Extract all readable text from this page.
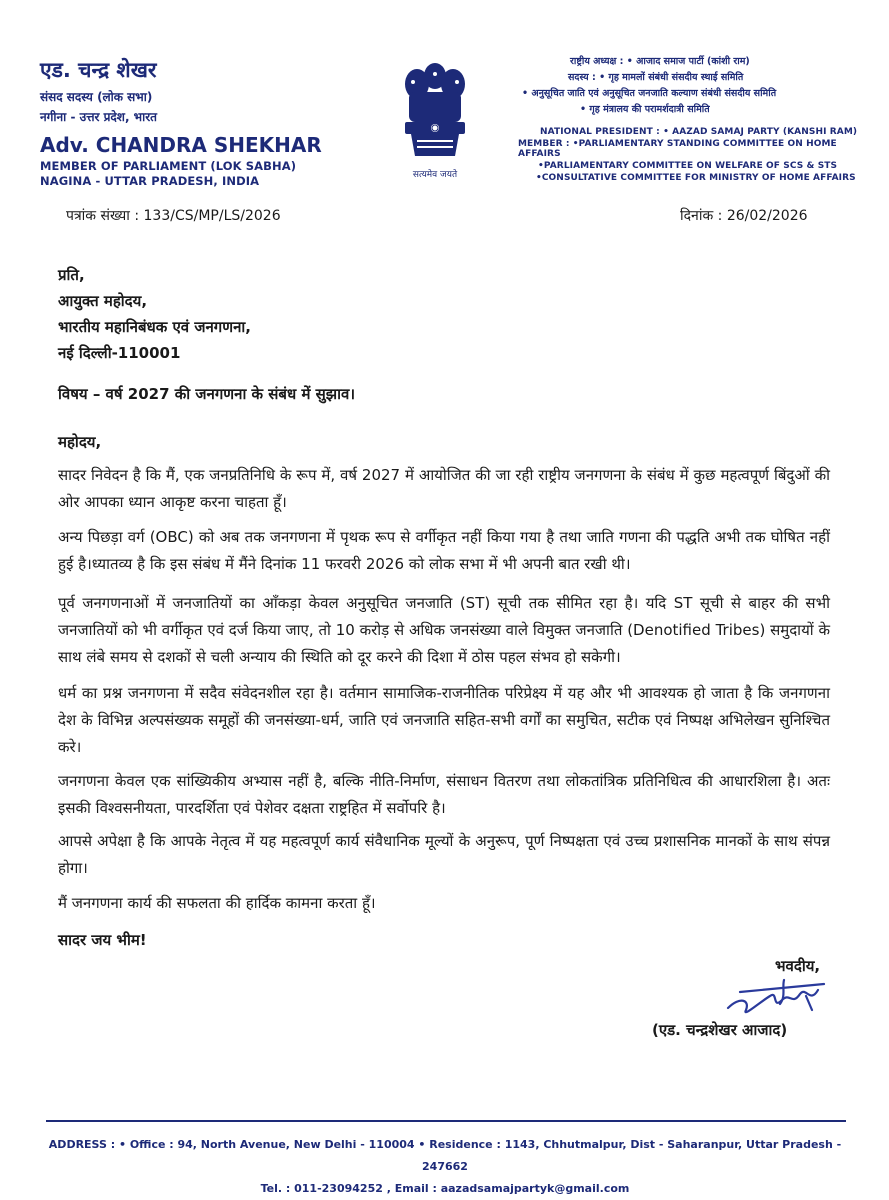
एड. चन्द्र शेखर
संसद सदस्य (लोक सभा)
नगीना - उत्तर प्रदेश, भारत
Adv. CHANDRA SHEKHAR
MEMBER OF PARLIAMENT (LOK SABHA)
NAGINA - UTTAR PRADESH, INDIA	सत्यमेव जयते
राष्ट्रीय अध्यक्ष : • आजाद समाज पार्टी (कांशी राम)
सदस्य : • गृह मामलों संबंधी संसदीय स्थाई समिति
• अनुसूचित जाति एवं अनुसूचित जनजाति कल्याण संबंधी संसदीय समिति
• गृह मंत्रालय की परामर्शदात्री समिति
NATIONAL PRESIDENT : • AAZAD SAMAJ PARTY (KANSHI RAM)
MEMBER : •PARLIAMENTARY STANDING COMMITTEE ON HOME AFFAIRS
•PARLIAMENTARY COMMITTEE ON WELFARE OF SCS & STS
•CONSULTATIVE COMMITTEE FOR MINISTRY OF HOME AFFAIRS
पत्रांक संख्या : 133/CS/MP/LS/2026	दिनांक : 26/02/2026
प्रति,
आयुक्त महोदय,
भारतीय महानिबंधक एवं जनगणना,
नई दिल्ली-110001
विषय – वर्ष 2027 की जनगणना के संबंध में सुझाव।
महोदय,
सादर निवेदन है कि मैं, एक जनप्रतिनिधि के रूप में, वर्ष 2027 में आयोजित की जा रही राष्ट्रीय जनगणना के संबंध में कुछ महत्वपूर्ण बिंदुओं की ओर आपका ध्यान आकृष्ट करना चाहता हूँ।
अन्य पिछड़ा वर्ग (OBC) को अब तक जनगणना में पृथक रूप से वर्गीकृत नहीं किया गया है तथा जाति गणना की पद्धति अभी तक घोषित नहीं हुई है।ध्यातव्य है कि इस संबंध में मैंने दिनांक 11 फरवरी 2026 को लोक सभा में भी अपनी बात रखी थी।
पूर्व जनगणनाओं में जनजातियों का आँकड़ा केवल अनुसूचित जनजाति (ST) सूची तक सीमित रहा है। यदि ST सूची से बाहर की सभी जनजातियों को भी वर्गीकृत एवं दर्ज किया जाए, तो 10 करोड़ से अधिक जनसंख्या वाले विमुक्त जनजाति (Denotified Tribes) समुदायों के साथ लंबे समय से दशकों से चली अन्याय की स्थिति को दूर करने की दिशा में ठोस पहल संभव हो सकेगी।
धर्म का प्रश्न जनगणना में सदैव संवेदनशील रहा है। वर्तमान सामाजिक-राजनीतिक परिप्रेक्ष्य में यह और भी आवश्यक हो जाता है कि जनगणना देश के विभिन्न अल्पसंख्यक समूहों की जनसंख्या-धर्म, जाति एवं जनजाति सहित-सभी वर्गों का समुचित, सटीक एवं निष्पक्ष अभिलेखन सुनिश्चित करे।
जनगणना केवल एक सांख्यिकीय अभ्यास नहीं है, बल्कि नीति-निर्माण, संसाधन वितरण तथा लोकतांत्रिक प्रतिनिधित्व की आधारशिला है। अतः इसकी विश्वसनीयता, पारदर्शिता एवं पेशेवर दक्षता राष्ट्रहित में सर्वोपरि है।
आपसे अपेक्षा है कि आपके नेतृत्व में यह महत्वपूर्ण कार्य संवैधानिक मूल्यों के अनुरूप, पूर्ण निष्पक्षता एवं उच्च प्रशासनिक मानकों के साथ संपन्न होगा।
मैं जनगणना कार्य की सफलता की हार्दिक कामना करता हूँ।
सादर जय भीम!
भवदीय,
(एड. चन्द्रशेखर आजाद)
ADDRESS : • Office : 94, North Avenue, New Delhi - 110004 • Residence : 1143, Chhutmalpur, Dist - Saharanpur, Uttar Pradesh - 247662
Tel. : 011-23094252 , Email : aazadsamajpartyk@gmail.com
